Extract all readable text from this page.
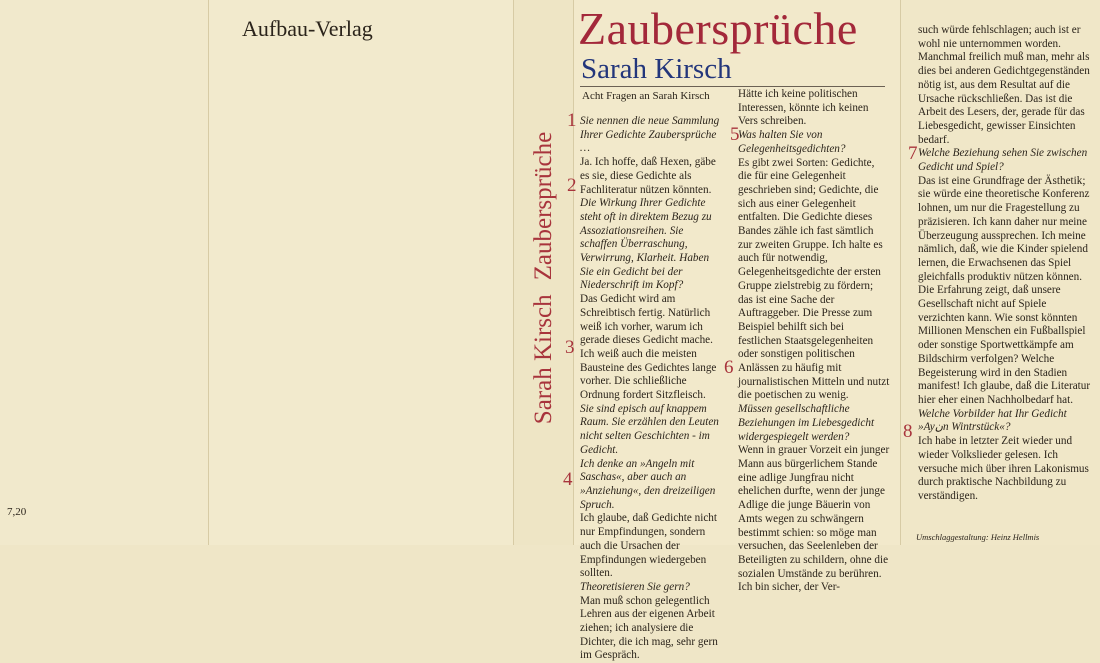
7,20
Aufbau-Verlag
Sarah KirschZaubersprüche
Zaubersprüche
Sarah Kirsch
Acht Fragen an Sarah Kirsch
1
2
3
4
5
6
7
8

Sie nennen die neue Sammlung Ihrer Gedichte Zaubersprüche …

Ja. Ich hoffe, daß Hexen, gäbe es sie, diese Gedichte als Fachliteratur nützen könnten.

Die Wirkung Ihrer Gedichte steht oft in direktem Bezug zu Assoziationsreihen. Sie schaffen Überraschung, Verwirrung, Klarheit. Haben Sie ein Gedicht bei der Niederschrift im Kopf?

Das Gedicht wird am Schreibtisch fertig. Natürlich weiß ich vorher, warum ich gerade dieses Gedicht mache. Ich weiß auch die meisten Bausteine des Gedichtes lange vorher. Die schließliche Ordnung fordert Sitzfleisch.

Sie sind episch auf knappem Raum. Sie erzählen den Leuten nicht selten Geschichten - im Gedicht.

Ich denke an »Angeln mit Saschas«, aber auch an »Anziehung«, den dreizeiligen Spruch.

Ich glaube, daß Gedichte nicht nur Empfindungen, sondern auch die Ursachen der Empfindungen wiedergeben sollten.

Theoretisieren Sie gern?

Man muß schon gelegentlich Lehren aus der eigenen Arbeit ziehen; ich analysiere die Dichter, die ich mag, sehr gern im Gespräch.

Hätte ich keine politischen Interessen, könnte ich keinen Vers schreiben.

Was halten Sie von Gelegenheitsgedichten?

Es gibt zwei Sorten: Gedichte, die für eine Gelegenheit geschrieben sind; Gedichte, die sich aus einer Gelegenheit entfalten. Die Gedichte dieses Bandes zähle ich fast sämtlich zur zweiten Gruppe. Ich halte es auch für notwendig, Gelegenheitsgedichte der ersten Gruppe zielstrebig zu fördern; das ist eine Sache der Auftraggeber. Die Presse zum Beispiel behilft sich bei festlichen Staatsgelegenheiten oder sonstigen politischen Anlässen zu häufig mit journalistischen Mitteln und nutzt die poetischen zu wenig.

Müssen gesellschaftliche Beziehungen im Liebesgedicht widergespiegelt werden?

Wenn in grauer Vorzeit ein junger Mann aus bürgerlichem Stande eine adlige Jungfrau nicht ehelichen durfte, wenn der junge Adlige die junge Bäuerin von Amts wegen zu schwängern bestimmt schien: so möge man versuchen, das Seelenleben der Beteiligten zu schildern, ohne die sozialen Umstände zu berühren. Ich bin sicher, der Ver-

such würde fehlschlagen; auch ist er wohl nie unternommen worden. Manchmal freilich muß man, mehr als dies bei anderen Gedichtgegenständen nötig ist, aus dem Resultat auf die Ursache rückschließen. Das ist die Arbeit des Lesers, der, gerade für das Liebesgedicht, gewisser Einsichten bedarf.

Welche Beziehung sehen Sie zwischen Gedicht und Spiel?

Das ist eine Grundfrage der Ästhetik; sie würde eine theoretische Konferenz lohnen, um nur die Fragestellung zu präzisieren. Ich kann daher nur meine Überzeugung aussprechen. Ich meine nämlich, daß, wie die Kinder spielend lernen, die Erwachsenen das Spiel gleichfalls produktiv nützen können. Die Erfahrung zeigt, daß unsere Gesellschaft nicht auf Spiele verzichten kann. Wie sonst könnten Millionen Menschen ein Fußballspiel oder sonstige Sportwettkämpfe am Bildschirm verfolgen? Welche Begeisterung wird in den Stadien manifest! Ich glaube, daß die Literatur hier eher einen Nachholbedarf hat.

Welche Vorbilder hat Ihr Gedicht »Ayنn Wintrstück«?

Ich habe in letzter Zeit wieder und wieder Volkslieder gelesen. Ich versuche mich über ihren Lakonismus durch praktische Nachbildung zu verständigen.

Umschlaggestaltung: Heinz Hellmis
